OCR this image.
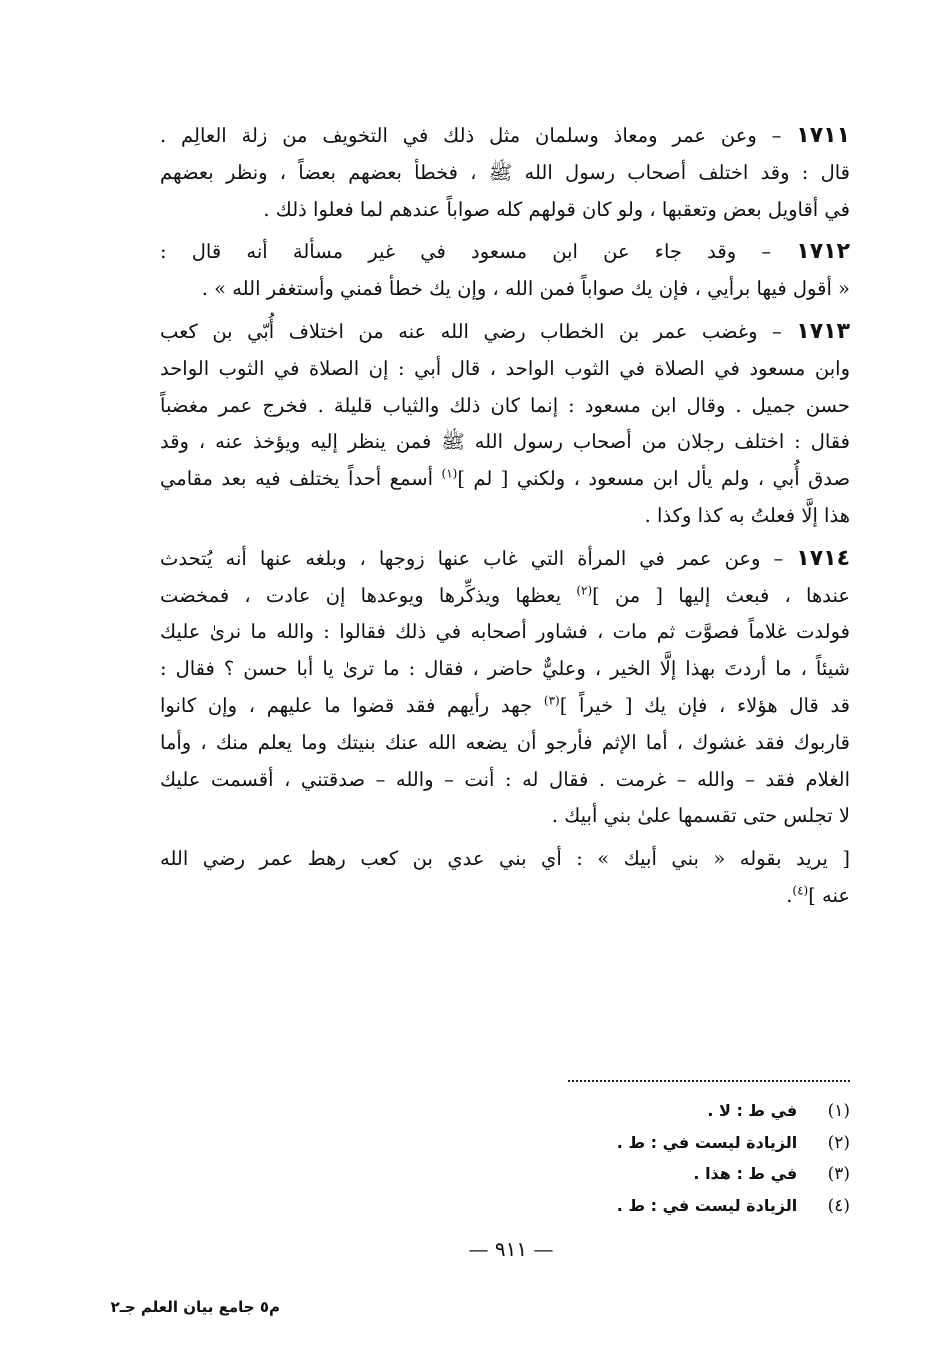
١٧١١ – وعن عمر ومعاذ وسلمان مثل ذلك في التخويف من زلة العالِم .

قال : وقد اختلف أصحاب رسول الله ﷺ ، فخطأ بعضهم بعضاً ، ونظر بعضهم

في أقاويل بعض وتعقبها ، ولو كان قولهم كله صواباً عندهم لما فعلوا ذلك .

١٧١٢ – وقد جاء عن ابن مسعود في غير مسألة أنه قال :

« أقول فيها برأيي ، فإن يك صواباً فمن الله ، وإن يك خطأ فمني وأستغفر الله » .

١٧١٣ – وغضب عمر بن الخطاب رضي الله عنه من اختلاف أُبّي بن كعب

وابن مسعود في الصلاة في الثوب الواحد ، قال أبي : إن الصلاة في الثوب الواحد

حسن جميل . وقال ابن مسعود : إنما كان ذلك والثياب قليلة . فخرج عمر مغضباً

فقال : اختلف رجلان من أصحاب رسول الله ﷺ فمن ينظر إليه ويؤخذ عنه ، وقد

صدق أُبي ، ولم يأل ابن مسعود ، ولكني [ لم ]$^{(١)}$ أسمع أحداً يختلف فيه بعد مقامي

هذا إلَّا فعلتُ به كذا وكذا .

١٧١٤ – وعن عمر في المرأة التي غاب عنها زوجها ، وبلغه عنها أنه يُتحدث

عندها ، فبعث إليها [ من ]$^{(٢)}$ يعظها ويذكِّرها ويوعدها إن عادت ، فمخضت

فولدت غلاماً فصوَّت ثم مات ، فشاور أصحابه في ذلك فقالوا : والله ما نرىٰ عليك

شيئاً ، ما أردتَ بهذا إلَّا الخير ، وعليٌّ حاضر ، فقال : ما ترىٰ يا أبا حسن ؟ فقال :

قد قال هؤلاء ، فإن يك [ خيراً ]$^{(٣)}$ جهد رأيهم فقد قضوا ما عليهم ، وإن كانوا

قاربوك فقد غشوك ، أما الإثم فأرجو أن يضعه الله عنك بنيتك وما يعلم منك ، وأما

الغلام فقد – والله – غرمت . فقال له : أنت – والله – صدقتني ، أقسمت عليك

لا تجلس حتى تقسمها علىٰ بني أبيك .

[ يريد بقوله « بني أبيك » : أي بني عدي بن كعب رهط عمر رضي الله

عنه ]$^{(٤)}$.

(١)   في ط : لا .
(٢)   الزيادة ليست في : ط .
(٣)   في ط : هذا .
(٤)   الزيادة ليست في : ط .
— ٩١١ —
م٥ جامع بيان العلم جـ٢
